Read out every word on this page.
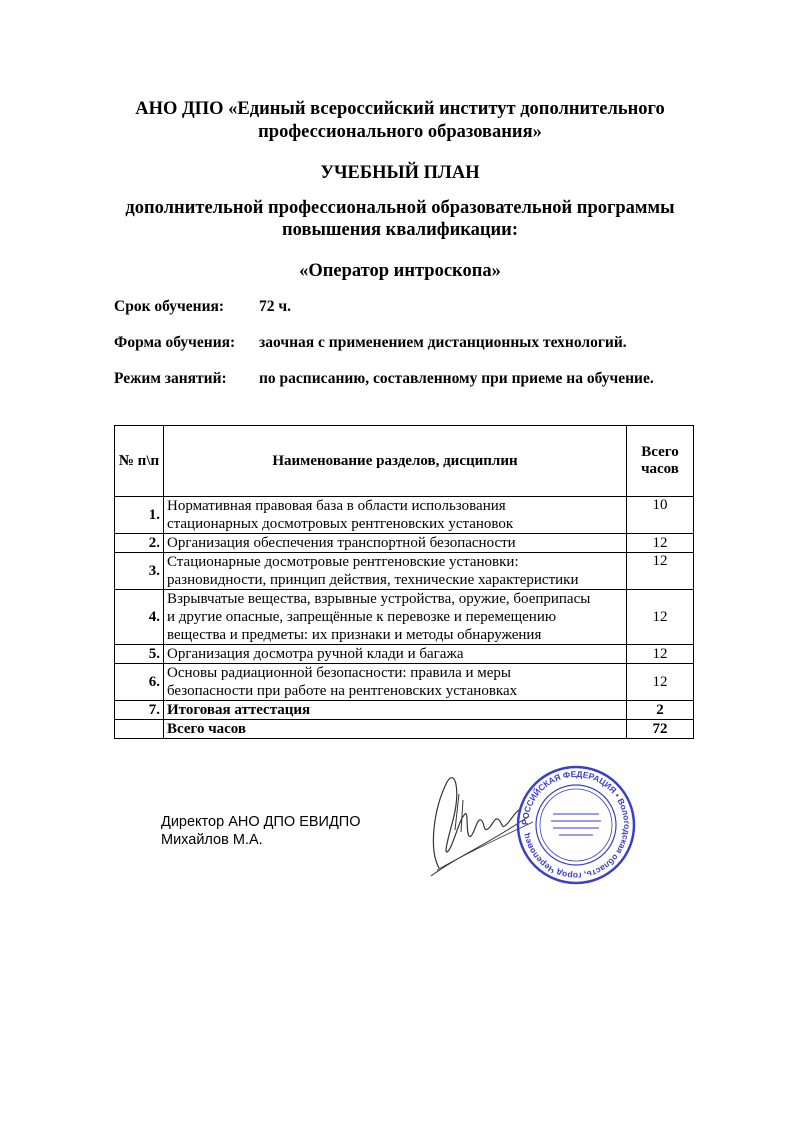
АНО ДПО «Единый всероссийский институт дополнительного
профессионального образования»
УЧЕБНЫЙ ПЛАН
дополнительной профессиональной образовательной программы
повышения квалификации:
«Оператор интроскопа»
Срок обучения: 72 ч.
Форма обучения: заочная с применением дистанционных технологий.
Режим занятий: по расписанию, составленному при приеме на обучение.
№ п\п	Наименование разделов, дисциплин	Всего
часов

1.	Нормативная правовая база в области использования
стационарных досмотровых рентгеновских установок	10
2.	Организация обеспечения транспортной безопасности	12
3.	Стационарные досмотровые рентгеновские установки:
разновидности, принцип действия, технические характеристики	12
4.	Взрывчатые вещества, взрывные устройства, оружие, боеприпасы
и другие опасные, запрещённые к перевозке и перемещению
вещества и предметы: их признаки и методы обнаружения	12
5.	Организация досмотра ручной клади и багажа	12
6.	Основы радиационной безопасности: правила и меры
безопасности при работе на рентгеновских установках	12
7.	Итоговая аттестация	2
	Всего часов	72
Директор АНО ДПО ЕВИДПО
Михайлов М.А.
РОССИЙСКАЯ ФЕДЕРАЦИЯ • Вологодская область, город Череповец
